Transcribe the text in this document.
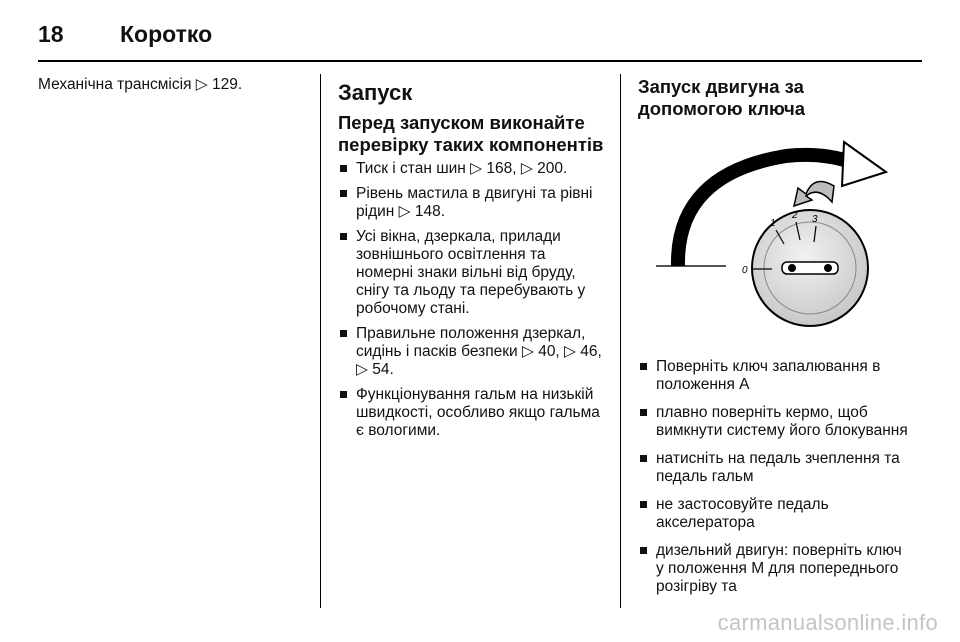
18	Коротко
Механічна трансмісія ▷ 129.	Запуск
Перед запуском виконайте перевірку таких компонентів
Тиск і стан шин ▷ 168, ▷ 200.
Рівень мастила в двигуні та рівні рідин ▷ 148.
Усі вікна, дзеркала, прилади зовнішнього освітлення та номерні знаки вільні від бруду, снігу та льоду та перебувають у робочому стані.
Правильне положення дзеркал, сидінь і пасків безпеки ▷ 40, ▷ 46, ▷ 54.
Функціонування гальм на низькій швидкості, особливо якщо гальма є вологими.
Запуск двигуна за допомогою ключа
0
1
2 3
Поверніть ключ запалювання в положення A
плавно поверніть кермо, щоб вимкнути систему його блокування
натисніть на педаль зчеплення та педаль гальм
не застосовуйте педаль акселератора
дизельний двигун: поверніть ключ у положення M для попереднього розігріву та
carmanualsonline.info
